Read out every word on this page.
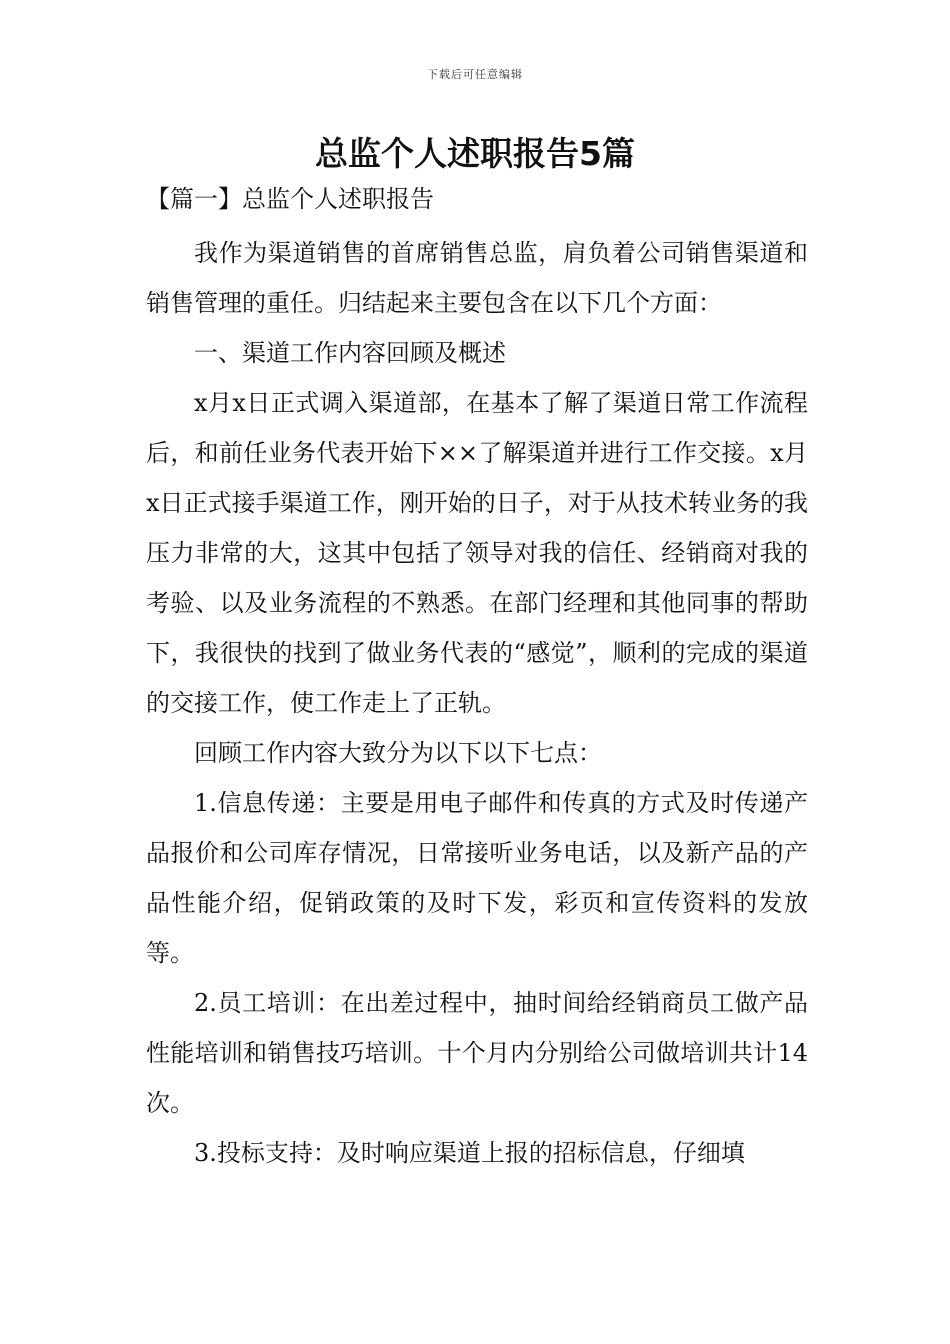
下载后可任意编辑
总监个人述职报告5篇
【篇一】总监个人述职报告

我作为渠道销售的首席销售总监，肩负着公司销售渠道和销售管理的重任。归结起来主要包含在以下几个方面：

一、渠道工作内容回顾及概述

x月x日正式调入渠道部，在基本了解了渠道日常工作流程后，和前任业务代表开始下××了解渠道并进行工作交接。x月x日正式接手渠道工作，刚开始的日子，对于从技术转业务的我压力非常的大，这其中包括了领导对我的信任、经销商对我的考验、以及业务流程的不熟悉。在部门经理和其他同事的帮助下，我很快的找到了做业务代表的“感觉”，顺利的完成的渠道的交接工作，使工作走上了正轨。

回顾工作内容大致分为以下以下七点：

1.信息传递：主要是用电子邮件和传真的方式及时传递产品报价和公司库存情况，日常接听业务电话，以及新产品的产品性能介绍，促销政策的及时下发，彩页和宣传资料的发放等。

2.员工培训：在出差过程中，抽时间给经销商员工做产品性能培训和销售技巧培训。十个月内分别给公司做培训共计14次。

3.投标支持：及时响应渠道上报的招标信息，仔细填
